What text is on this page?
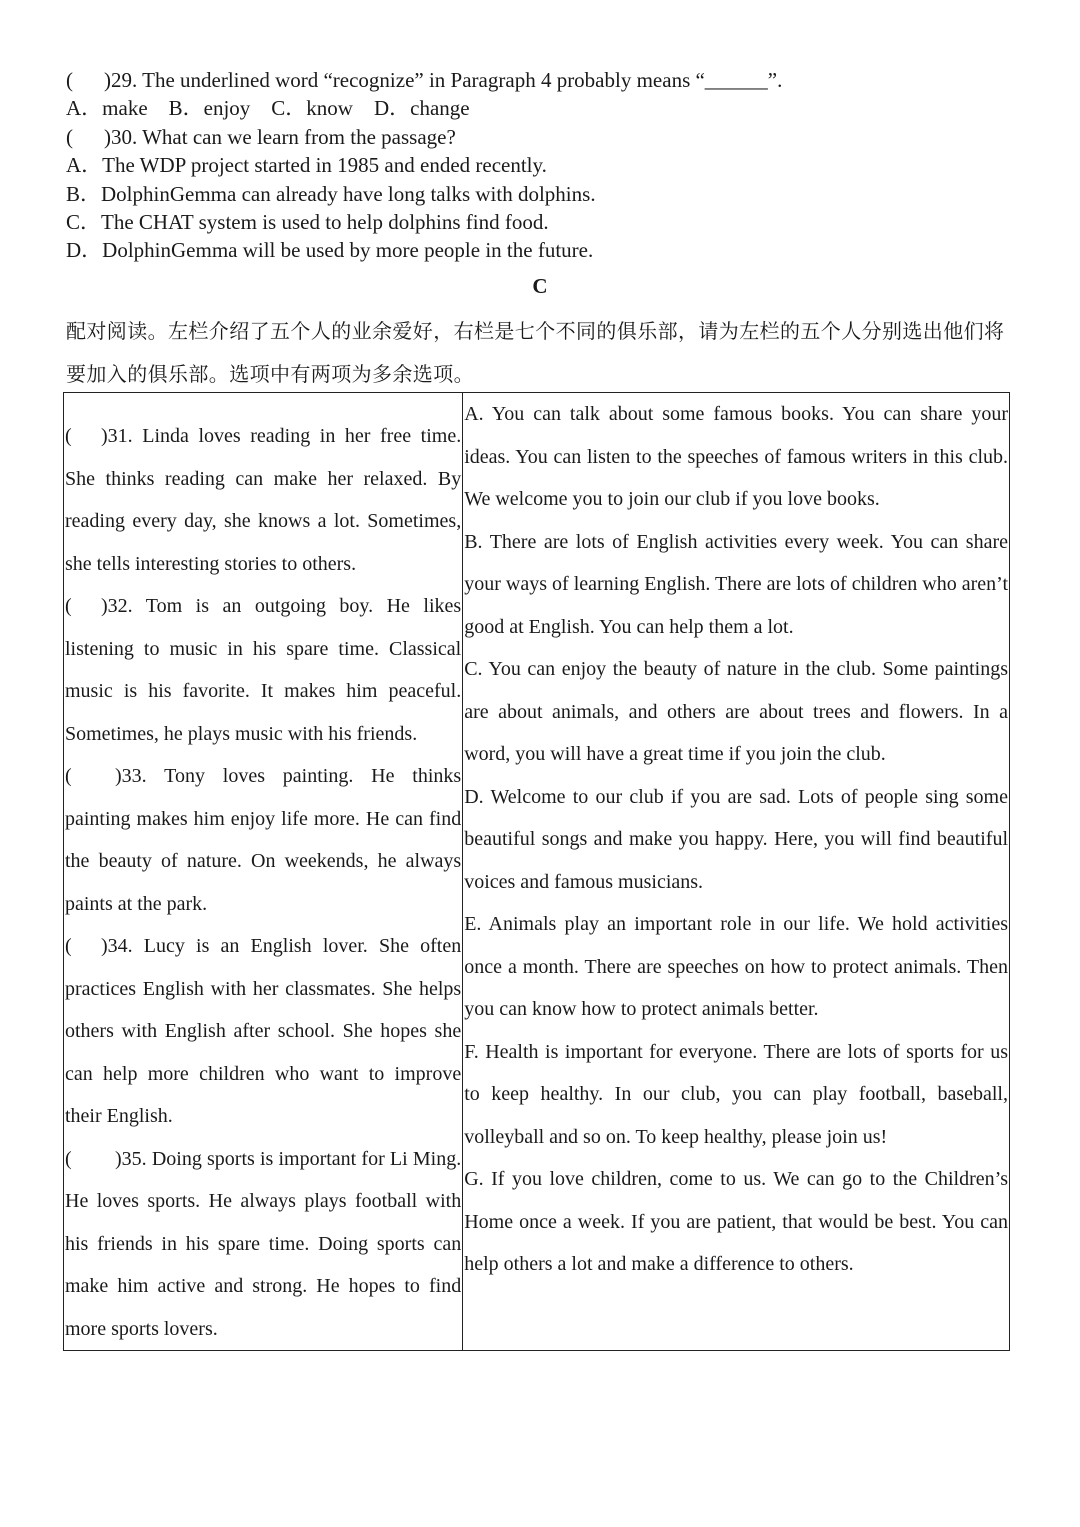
( )29. The underlined word “recognize” in Paragraph 4 probably means “______”.

A．make    B．enjoy    C．know    D．change

( )30. What can we learn from the passage?

A．The WDP project started in 1985 and ended recently.

B．DolphinGemma can already have long talks with dolphins.

C．The CHAT system is used to help dolphins find food.

D．DolphinGemma will be used by more people in the future.

C

配对阅读。左栏介绍了五个人的业余爱好，右栏是七个不同的俱乐部，请为左栏的五个人分别选出他们将要加入的俱乐部。选项中有两项为多余选项。

( )31. Linda loves reading in her free time. She thinks reading can make her relaxed. By reading every day, she knows a lot. Sometimes, she tells interesting stories to others.

( )32. Tom is an outgoing boy. He likes listening to music in his spare time. Classical music is his favorite. It makes him peaceful. Sometimes, he plays music with his friends.

( )33. Tony loves painting. He thinks painting makes him enjoy life more. He can find the beauty of nature. On weekends, he always paints at the park.

( )34. Lucy is an English lover. She often practices English with her classmates. She helps others with English after school. She hopes she can help more children who want to improve their English.

( )35. Doing sports is important for Li Ming. He loves sports. He always plays football with his friends in his spare time. Doing sports can make him active and strong. He hopes to find more sports lovers.

A. You can talk about some famous books. You can share your ideas. You can listen to the speeches of famous writers in this club. We welcome you to join our club if you love books.

B. There are lots of English activities every week. You can share your ways of learning English. There are lots of children who aren’t good at English. You can help them a lot.

C. You can enjoy the beauty of nature in the club. Some paintings are about animals, and others are about trees and flowers. In a word, you will have a great time if you join the club.

D. Welcome to our club if you are sad. Lots of people sing some beautiful songs and make you happy. Here, you will find beautiful voices and famous musicians.

E. Animals play an important role in our life. We hold activities once a month. There are speeches on how to protect animals. Then you can know how to protect animals better.

F. Health is important for everyone. There are lots of sports for us to keep healthy. In our club, you can play football, baseball, volleyball and so on. To keep healthy, please join us!

G. If you love children, come to us. We can go to the Children’s Home once a week. If you are patient, that would be best. You can help others a lot and make a difference to others.
